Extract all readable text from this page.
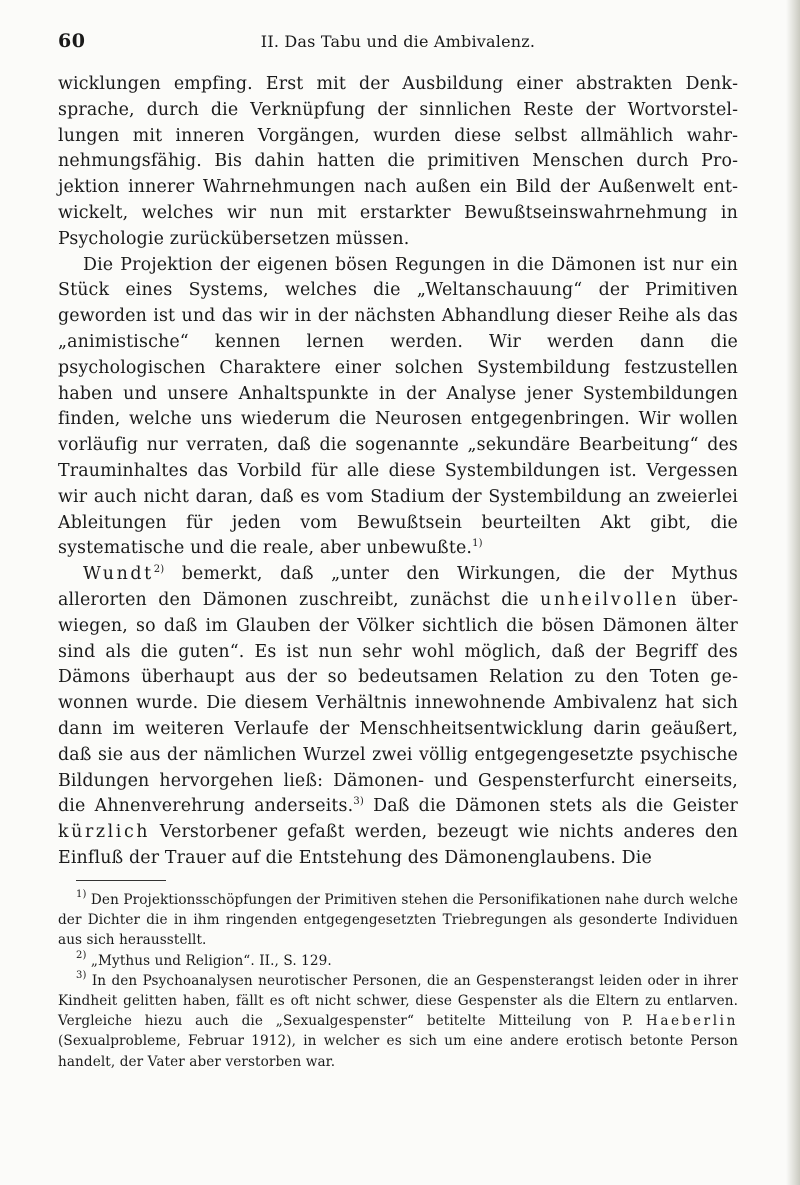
60	II. Das Tabu und die Ambivalenz.

wicklungen empfing. Erst mit der Ausbildung einer abstrakten Denksprache, durch die Verknüpfung der sinnlichen Reste der Wortvorstellungen mit inneren Vorgängen, wurden diese selbst allmählich wahrnehmungsfähig. Bis dahin hatten die primitiven Menschen durch Projektion innerer Wahrnehmungen nach außen ein Bild der Außenwelt entwickelt, welches wir nun mit erstarkter Bewußtseinswahrnehmung in Psychologie zurückübersetzen müssen.

Die Projektion der eigenen bösen Regungen in die Dämonen ist nur ein Stück eines Systems, welches die „Weltanschauung“ der Primitiven geworden ist und das wir in der nächsten Abhandlung dieser Reihe als das „animistische“ kennen lernen werden. Wir werden dann die psychologischen Charaktere einer solchen Systembildung festzustellen haben und unsere Anhaltspunkte in der Analyse jener Systembildungen finden, welche uns wiederum die Neurosen entgegenbringen. Wir wollen vorläufig nur verraten, daß die sogenannte „sekundäre Bearbeitung“ des Trauminhaltes das Vorbild für alle diese Systembildungen ist. Vergessen wir auch nicht daran, daß es vom Stadium der Systembildung an zweierlei Ableitungen für jeden vom Bewußtsein beurteilten Akt gibt, die systematische und die reale, aber unbewußte.$^{1)}$

Wundt$^{2)}$ bemerkt, daß „unter den Wirkungen, die der Mythus allerorten den Dämonen zuschreibt, zunächst die unheilvollen überwiegen, so daß im Glauben der Völker sichtlich die bösen Dämonen älter sind als die guten“. Es ist nun sehr wohl möglich, daß der Begriff des Dämons überhaupt aus der so bedeutsamen Relation zu den Toten gewonnen wurde. Die diesem Verhältnis innewohnende Ambivalenz hat sich dann im weiteren Verlaufe der Menschheitsentwicklung darin geäußert, daß sie aus der nämlichen Wurzel zwei völlig entgegengesetzte psychische Bildungen hervorgehen ließ: Dämonen- und Gespensterfurcht einerseits, die Ahnenverehrung anderseits.$^{3)}$ Daß die Dämonen stets als die Geister kürzlich Verstorbener gefaßt werden, bezeugt wie nichts anderes den Einfluß der Trauer auf die Entstehung des Dämonenglaubens. Die

$^{1)}$ Den Projektionsschöpfungen der Primitiven stehen die Personifikationen nahe durch welche der Dichter die in ihm ringenden entgegengesetzten Triebregungen als gesonderte Individuen aus sich herausstellt.

$^{2)}$ „Mythus und Religion“. II., S. 129.

$^{3)}$ In den Psychoanalysen neurotischer Personen, die an Gespensterangst leiden oder in ihrer Kindheit gelitten haben, fällt es oft nicht schwer, diese Gespenster als die Eltern zu entlarven. Vergleiche hiezu auch die „Sexualgespenster“ betitelte Mitteilung von P. Haeberlin (Sexualprobleme, Februar 1912), in welcher es sich um eine andere erotisch betonte Person handelt, der Vater aber verstorben war.
